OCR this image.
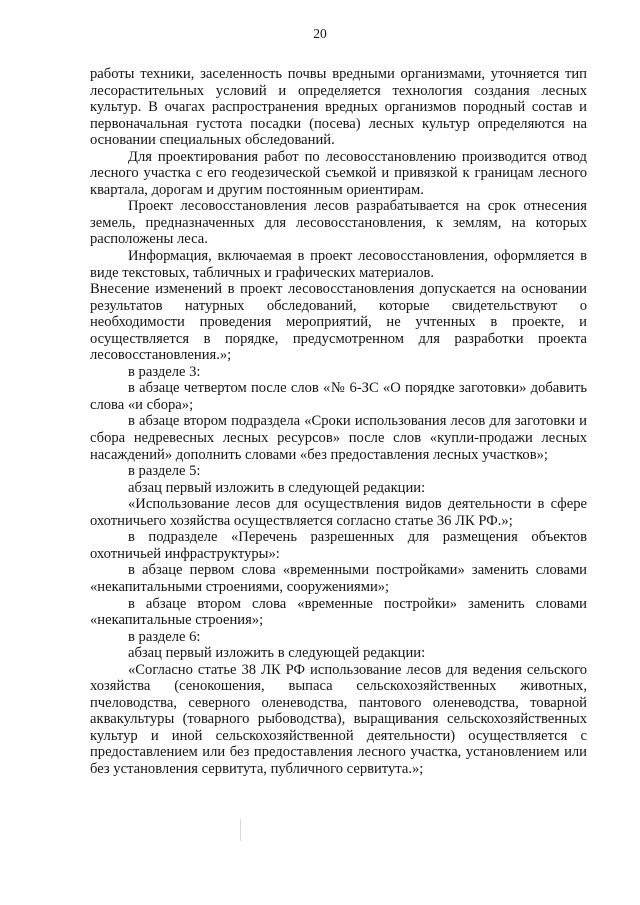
20

работы техники, заселенность почвы вредными организмами, уточняется тип лесорастительных условий и определяется технология создания лесных культур. В очагах распространения вредных организмов породный состав и первоначальная густота посадки (посева) лесных культур определяются на основании специальных обследований.

Для проектирования работ по лесовосстановлению производится отвод лесного участка с его геодезической съемкой и привязкой к границам лесного квартала, дорогам и другим постоянным ориентирам.

Проект лесовосстановления лесов разрабатывается на срок отнесения земель, предназначенных для лесовосстановления, к землям, на которых расположены леса.

Информация, включаемая в проект лесовосстановления, оформляется в виде текстовых, табличных и графических материалов.

Внесение изменений в проект лесовосстановления допускается на основании результатов натурных обследований, которые свидетельствуют о необходимости проведения мероприятий, не учтенных в проекте, и осуществляется в порядке, предусмотренном для разработки проекта лесовосстановления.»;

в разделе 3:

в абзаце четвертом после слов «№ 6-ЗС «О порядке заготовки» добавить слова «и сбора»;

в абзаце втором подраздела «Сроки использования лесов для заготовки и сбора недревесных лесных ресурсов» после слов «купли-продажи лесных насаждений» дополнить словами «без предоставления лесных участков»;

в разделе 5:

абзац первый изложить в следующей редакции:

«Использование лесов для осуществления видов деятельности в сфере охотничьего хозяйства осуществляется согласно статье 36 ЛК РФ.»;

в подразделе «Перечень разрешенных для размещения объектов охотничьей инфраструктуры»:

в абзаце первом слова «временными постройками» заменить словами «некапитальными строениями, сооружениями»;

в абзаце втором слова «временные постройки» заменить словами «некапитальные строения»;

в разделе 6:

абзац первый изложить в следующей редакции:

«Согласно статье 38 ЛК РФ использование лесов для ведения сельского хозяйства (сенокошения, выпаса сельскохозяйственных животных, пчеловодства, северного оленеводства, пантового оленеводства, товарной аквакультуры (товарного рыбоводства), выращивания сельскохозяйственных культур и иной сельскохозяйственной деятельности) осуществляется с предоставлением или без предоставления лесного участка, установлением или без установления сервитута, публичного сервитута.»;
